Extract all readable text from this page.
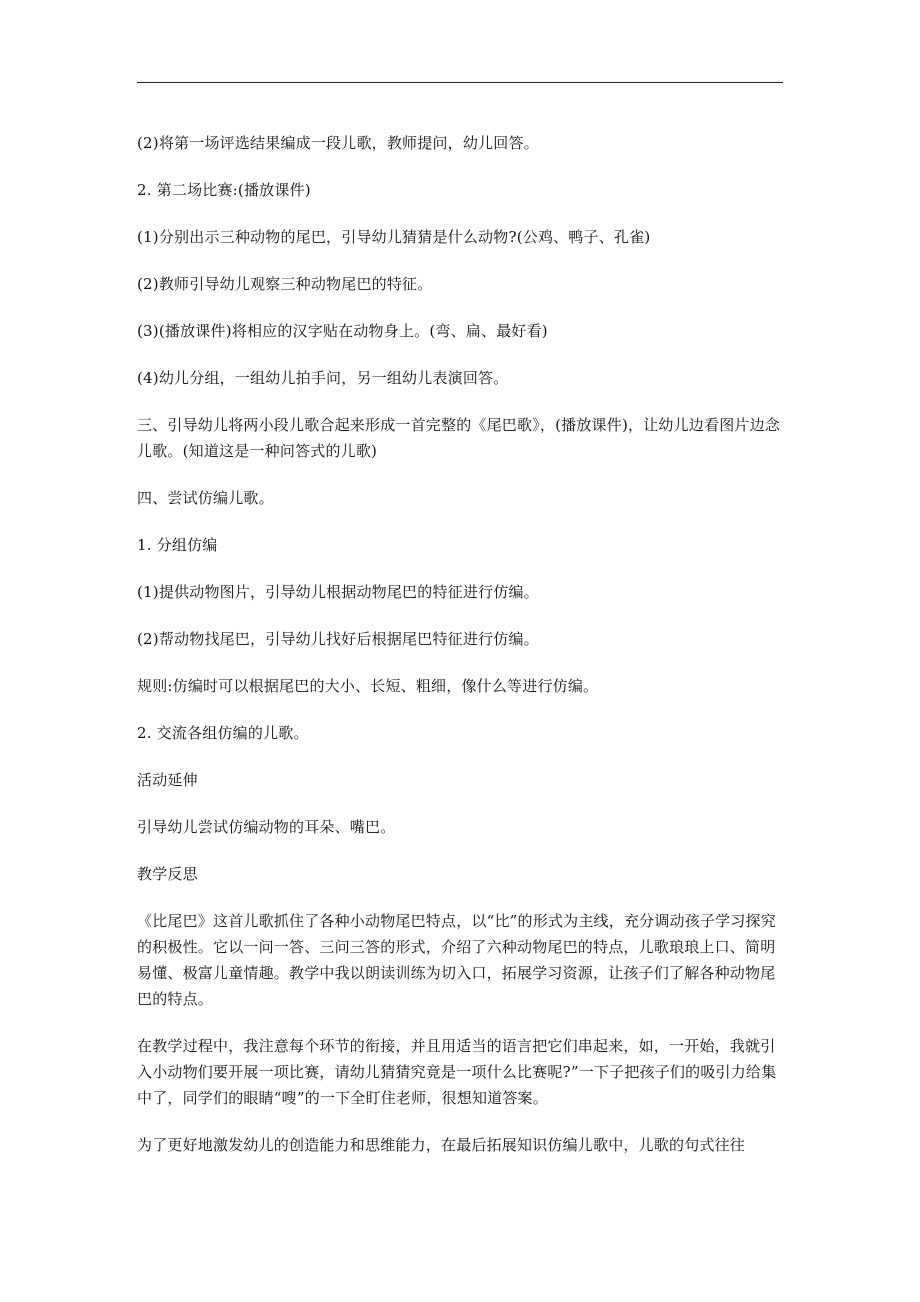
(2)将第一场评选结果编成一段儿歌，教师提问，幼儿回答。

2. 第二场比赛:(播放课件)

(1)分别出示三种动物的尾巴，引导幼儿猜猜是什么动物?(公鸡、鸭子、孔雀)

(2)教师引导幼儿观察三种动物尾巴的特征。

(3)(播放课件)将相应的汉字贴在动物身上。(弯、扁、最好看)

(4)幼儿分组，一组幼儿拍手问，另一组幼儿表演回答。

三、引导幼儿将两小段儿歌合起来形成一首完整的《尾巴歌》，(播放课件)，让幼儿边看图片边念儿歌。(知道这是一种问答式的儿歌)

四、尝试仿编儿歌。

1. 分组仿编

(1)提供动物图片，引导幼儿根据动物尾巴的特征进行仿编。

(2)帮动物找尾巴，引导幼儿找好后根据尾巴特征进行仿编。

规则:仿编时可以根据尾巴的大小、长短、粗细，像什么等进行仿编。

2. 交流各组仿编的儿歌。

活动延伸

引导幼儿尝试仿编动物的耳朵、嘴巴。

教学反思

《比尾巴》这首儿歌抓住了各种小动物尾巴特点，以“比”的形式为主线，充分调动孩子学习探究的积极性。它以一问一答、三问三答的形式，介绍了六种动物尾巴的特点，儿歌琅琅上口、简明易懂、极富儿童情趣。教学中我以朗读训练为切入口，拓展学习资源，让孩子们了解各种动物尾巴的特点。

在教学过程中，我注意每个环节的衔接，并且用适当的语言把它们串起来，如，一开始，我就引入小动物们要开展一项比赛，请幼儿猜猜究竟是一项什么比赛呢?”一下子把孩子们的吸引力给集中了，同学们的眼睛“嗖”的一下全盯住老师，很想知道答案。

为了更好地激发幼儿的创造能力和思维能力，在最后拓展知识仿编儿歌中，儿歌的句式往往
